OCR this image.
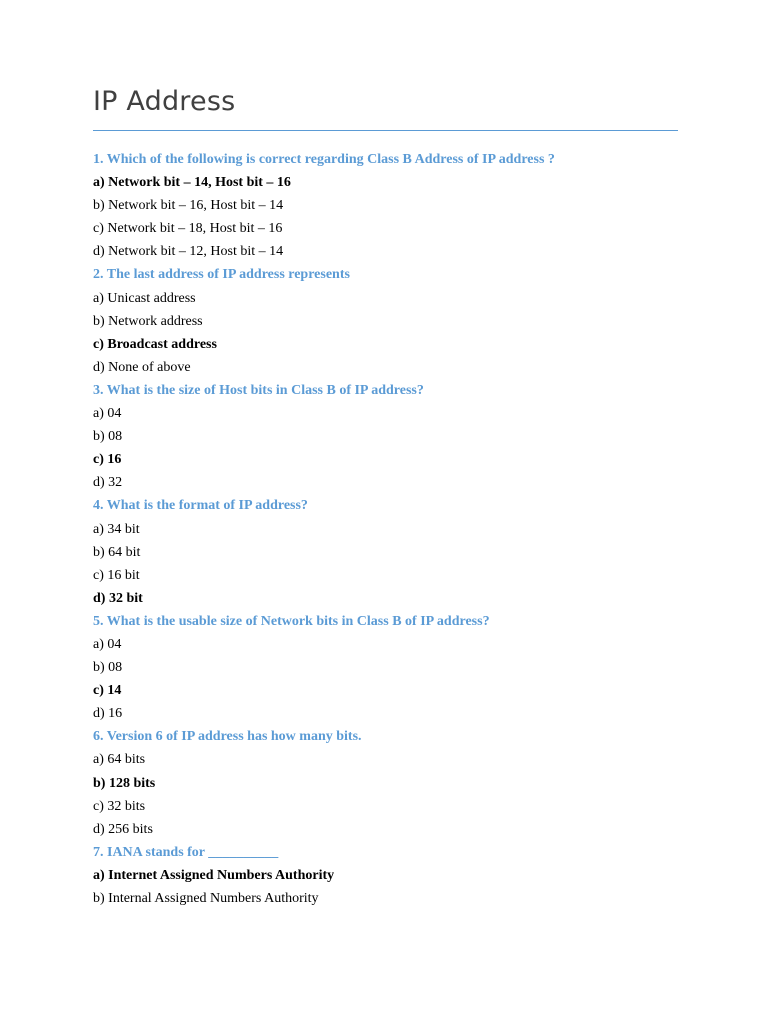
IP Address
1. Which of the following is correct regarding Class B Address of IP address ?
a) Network bit – 14, Host bit – 16
b) Network bit – 16, Host bit – 14
c) Network bit – 18, Host bit – 16
d) Network bit – 12, Host bit – 14
2. The last address of IP address represents
a) Unicast address
b) Network address
c) Broadcast address
d) None of above
3. What is the size of Host bits in Class B of IP address?
a) 04
b) 08
c) 16
d) 32
4. What is the format of IP address?
a) 34 bit
b) 64 bit
c) 16 bit
d) 32 bit
5. What is the usable size of Network bits in Class B of IP address?
a) 04
b) 08
c) 14
d) 16
6. Version 6 of IP address has how many bits.
a) 64 bits
b) 128 bits
c) 32 bits
d) 256 bits
7. IANA stands for __________
a) Internet Assigned Numbers Authority
b) Internal Assigned Numbers Authority
